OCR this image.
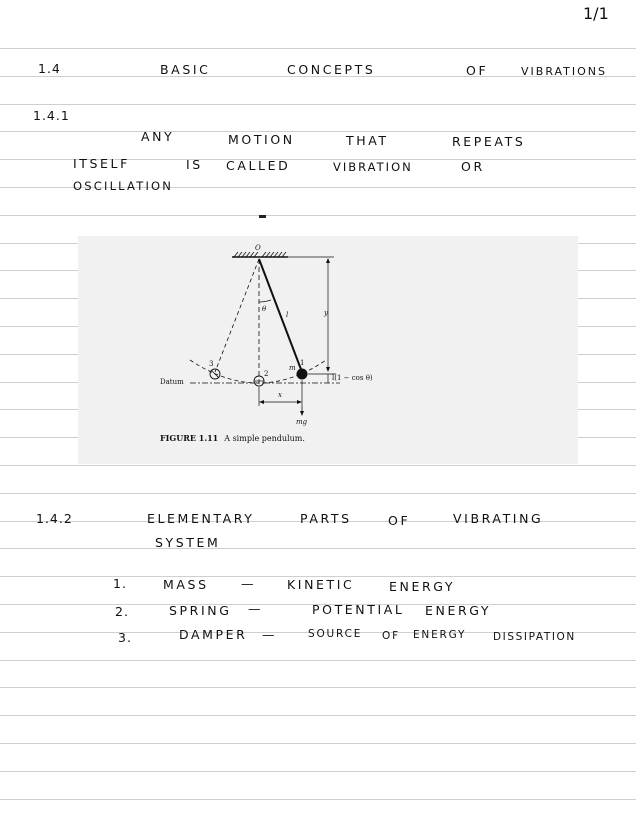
1/1
1.4	BASIC	CONCEPTS	OF	VIBRATIONS
1.4.1
ANY	MOTION	THAT	REPEATS
ITSELF	IS CALLED	VIBRATION	OR
OSCILLATION
O
θ
l	y
m
1
2
3
Datum
x
mg
l(1 − cos θ)
FIGURE 1.11 A simple pendulum.
1.4.2	ELEMENTARY	PARTS	OF	VIBRATING
SYSTEM
1.	MASS	— KINETIC	ENERGY
2.	SPRING —	POTENTIAL ENERGY
3.	DAMPER —	SOURCE OF ENERGY	DISSIPATION
